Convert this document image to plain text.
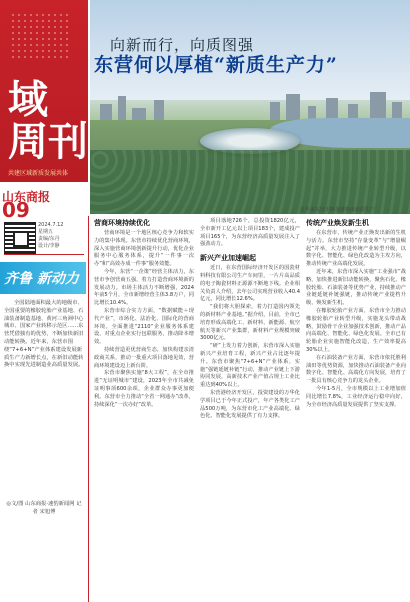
向新而行，向质图强
东营何以厚植“新质生产力”
近年来东营不断加速构成新质生产
域
周刊
共建区域新质发展共体
山东商报
09
2024.7.12
星期五
责编/东丹
设计/李静
齐鲁 新动力
全国陆地面积最大的地级市、全国重要的橡胶轮胎产业基地、石油装备制造基地、黄河三角洲中心城市、国家产业转移示范区……东营凭借独有的优势，不断加快新旧动能转换。近年来，东营市围绕“7+6+N”产业体系建设发展新质生产力新增长点，在新旧动能转换中实现先进制造业高质量发展。
◎文/图 山东商报·速豹新闻网 记者 宋旭博
营商环境持续优化

营商环境是一个地区核心竞争力和软实力的集中体现。东营市持续优化营商环境，深入实施营商环境创新提升行动，优化企业服务中心服务体系，提升“一件事一次办”和“高效办成一件事”服务效能。

今年，东营“一企策”经营主体活力，东营市争创营商五强，着力打造营商环境新的发展动力。市场主体活力不断增强，2024年前5个月，全市新增经营主体3.8万户，同比增长10.4%。

东营市综合实力方面，“数据赋能＋现代产业”，市场化、法治化、国际化的营商环境。全面推进“2110”企业服务体系建设，对重点企业实行包联服务，推动降本增效。

持续营造更优营商生态，加快构建亲清政商关系，推动一批重大项目落地见效，营商环境建设迈上新台阶。

东营市聚焦实施“8大工程”，在全市推进“无证明城市”建设，2023年全市共减免证明事项600余项，企业群众办事更加便利。东营市全力推动“全省一网通办”改革，持续深化“一次办好”改革。

项目落地726个，总投资1820亿元，全市新开工亿元以上项目183个，建成投产项目165个，为东营经济高质量发展注入了强劲动力。

新兴产业加速崛起

近日，在东营国际经济开发区的国瓷材料科技有限公司生产车间里，一片片高品质的电子陶瓷材料正源源不断地下线。企业相关负责人介绍，去年公司实现营业收入40.4亿元，同比增长12.6%。

“我们将大胆探索，着力打造国内领先的新材料产业基地。”据介绍，目前，全市已培育形成高端化工、新材料、新能源、航空航天等新兴产业集群，新材料产业规模突破3000亿元。

“研”上发力着力创新，东营市深入实施新兴产业培育工程，新兴产业占比逐年提升。东营市聚焦“7+6+N”产业体系，实施“强链延链补链”行动，推动产业链上下游协同发展，高新技术产业产值占规上工业比重达到40%以上。

东营港经济开发区，投资建设的万华化学项目已于今年正式投产，年产各类化工产品500万吨，为东营市化工产业高端化、绿色化、智能化发展提供了有力支撑。

传统产业焕发新生机

在东营市，传统产业正焕发出新的生机与活力。东营市坚持“存量变革”与“增量崛起”并举，大力推进传统产业转型升级，以数字化、智能化、绿色化改造为主攻方向，推动传统产业高端化发展。

近年来，东营市深入实施“工业强市”战略，加快推进新旧动能转换，聚焦石化、橡胶轮胎、石油装备等优势产业，持续推动产业链延链补链强链，推动传统产业提档升级、焕发新生机。

在橡胶轮胎产业方面，东营市全力推动橡胶轮胎产业转型升级，实施龙头带动战略，鼓励骨干企业加强技术创新，推动产品向高端化、智能化、绿色化发展。全市已有轮胎企业实施智能化改造，生产效率提高30%以上。

在石油装备产业方面，东营市依托胜利油田等优势资源，加快推动石油装备产业向数字化、智能化、高端化方向发展，培育了一批具有核心竞争力的龙头企业。

今年1-5月，全市规模以上工业增加值同比增长7.8%，工业经济运行稳中向好，为全市经济高质量发展提供了坚实支撑。
